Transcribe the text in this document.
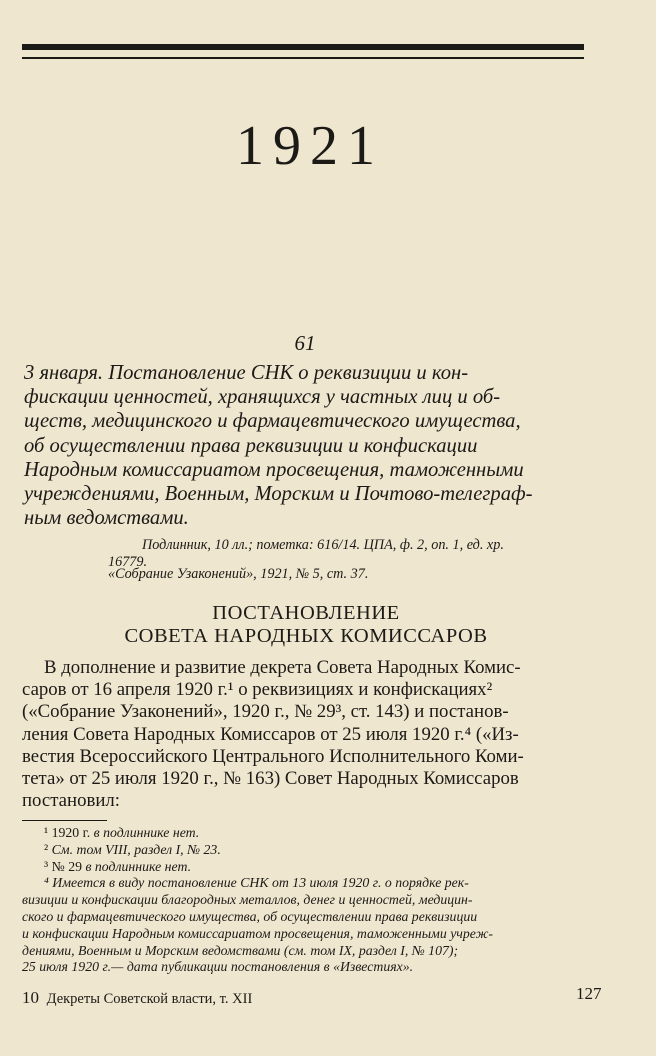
1921
61
3 января. Постановление СНК о реквизиции и кон-
фискации ценностей, хранящихся у частных лиц и об-
ществ, медицинского и фармацевтического имущества,
об осуществлении права реквизиции и конфискации
Народным комиссариатом просвещения, таможенными
учреждениями, Военным, Морским и Почтово-телеграф-
ным ведомствами.
Подлинник, 10 лл.; пометка: 616/14. ЦПА, ф. 2, оп. 1, ед. хр.
16779.
«Собрание Узаконений», 1921, № 5, ст. 37.
ПОСТАНОВЛЕНИЕ
СОВЕТА НАРОДНЫХ КОМИССАРОВ
В дополнение и развитие декрета Совета Народных Комис-
саров от 16 апреля 1920 г.¹ о реквизициях и конфискациях²
(«Собрание Узаконений», 1920 г., № 29³, ст. 143) и постанов-
ления Совета Народных Комиссаров от 25 июля 1920 г.⁴ («Из-
вестия Всероссийского Центрального Исполнительного Коми-
тета» от 25 июля 1920 г., № 163) Совет Народных Комиссаров
постановил:
¹ 1920 г. в подлиннике нет.
² См. том VIII, раздел I, № 23.
³ № 29 в подлиннике нет.
⁴ Имеется в виду постановление СНК от 13 июля 1920 г. о порядке рек-
визиции и конфискации благородных металлов, денег и ценностей, медицин-
ского и фармацевтического имущества, об осуществлении права реквизиции
и конфискации Народным комиссариатом просвещения, таможенными учреж-
дениями, Военным и Морским ведомствами (см. том IX, раздел I, № 107);
25 июля 1920 г.— дата публикации постановления в «Известиях».
10 Декреты Советской власти, т. XII	127
